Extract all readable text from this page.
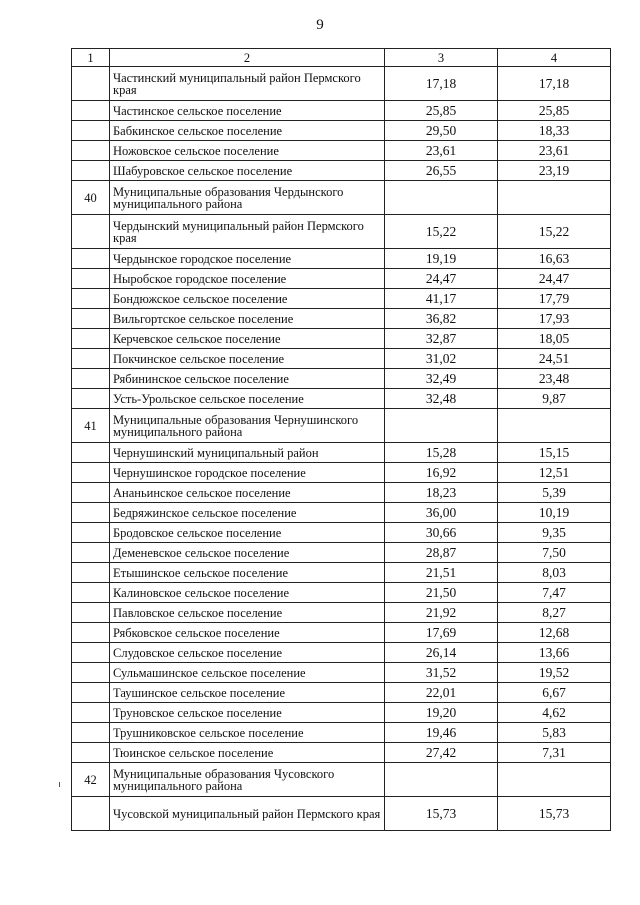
9
1	2	3	4
	Частинский муниципальный район Пермского края	17,18	17,18
	Частинское сельское поселение	25,85	25,85
	Бабкинское сельское поселение	29,50	18,33
	Ножовское сельское поселение	23,61	23,61
	Шабуровское сельское поселение	26,55	23,19
40	Муниципальные образования Чердынского муниципального района		
	Чердынский муниципальный район Пермского края	15,22	15,22
	Чердынское городское поселение	19,19	16,63
	Ныробское городское поселение	24,47	24,47
	Бондюжское сельское поселение	41,17	17,79
	Вильгортское сельское поселение	36,82	17,93
	Керчевское сельское поселение	32,87	18,05
	Покчинское сельское поселение	31,02	24,51
	Рябининское сельское поселение	32,49	23,48
	Усть-Урольское сельское поселение	32,48	9,87
41	Муниципальные образования Чернушинского муниципального района		
	Чернушинский муниципальный район	15,28	15,15
	Чернушинское городское поселение	16,92	12,51
	Ананьинское сельское поселение	18,23	5,39
	Бедряжинское сельское поселение	36,00	10,19
	Бродовское сельское поселение	30,66	9,35
	Деменевское сельское поселение	28,87	7,50
	Етышинское сельское поселение	21,51	8,03
	Калиновское сельское поселение	21,50	7,47
	Павловское сельское поселение	21,92	8,27
	Рябковское сельское поселение	17,69	12,68
	Слудовское сельское поселение	26,14	13,66
	Сульмашинское сельское поселение	31,52	19,52
	Таушинское сельское поселение	22,01	6,67
	Труновское сельское поселение	19,20	4,62
	Трушниковское сельское поселение	19,46	5,83
	Тюинское сельское поселение	27,42	7,31
42	Муниципальные образования Чусовского муниципального района		
	Чусовской муниципальный район Пермского края	15,73	15,73
